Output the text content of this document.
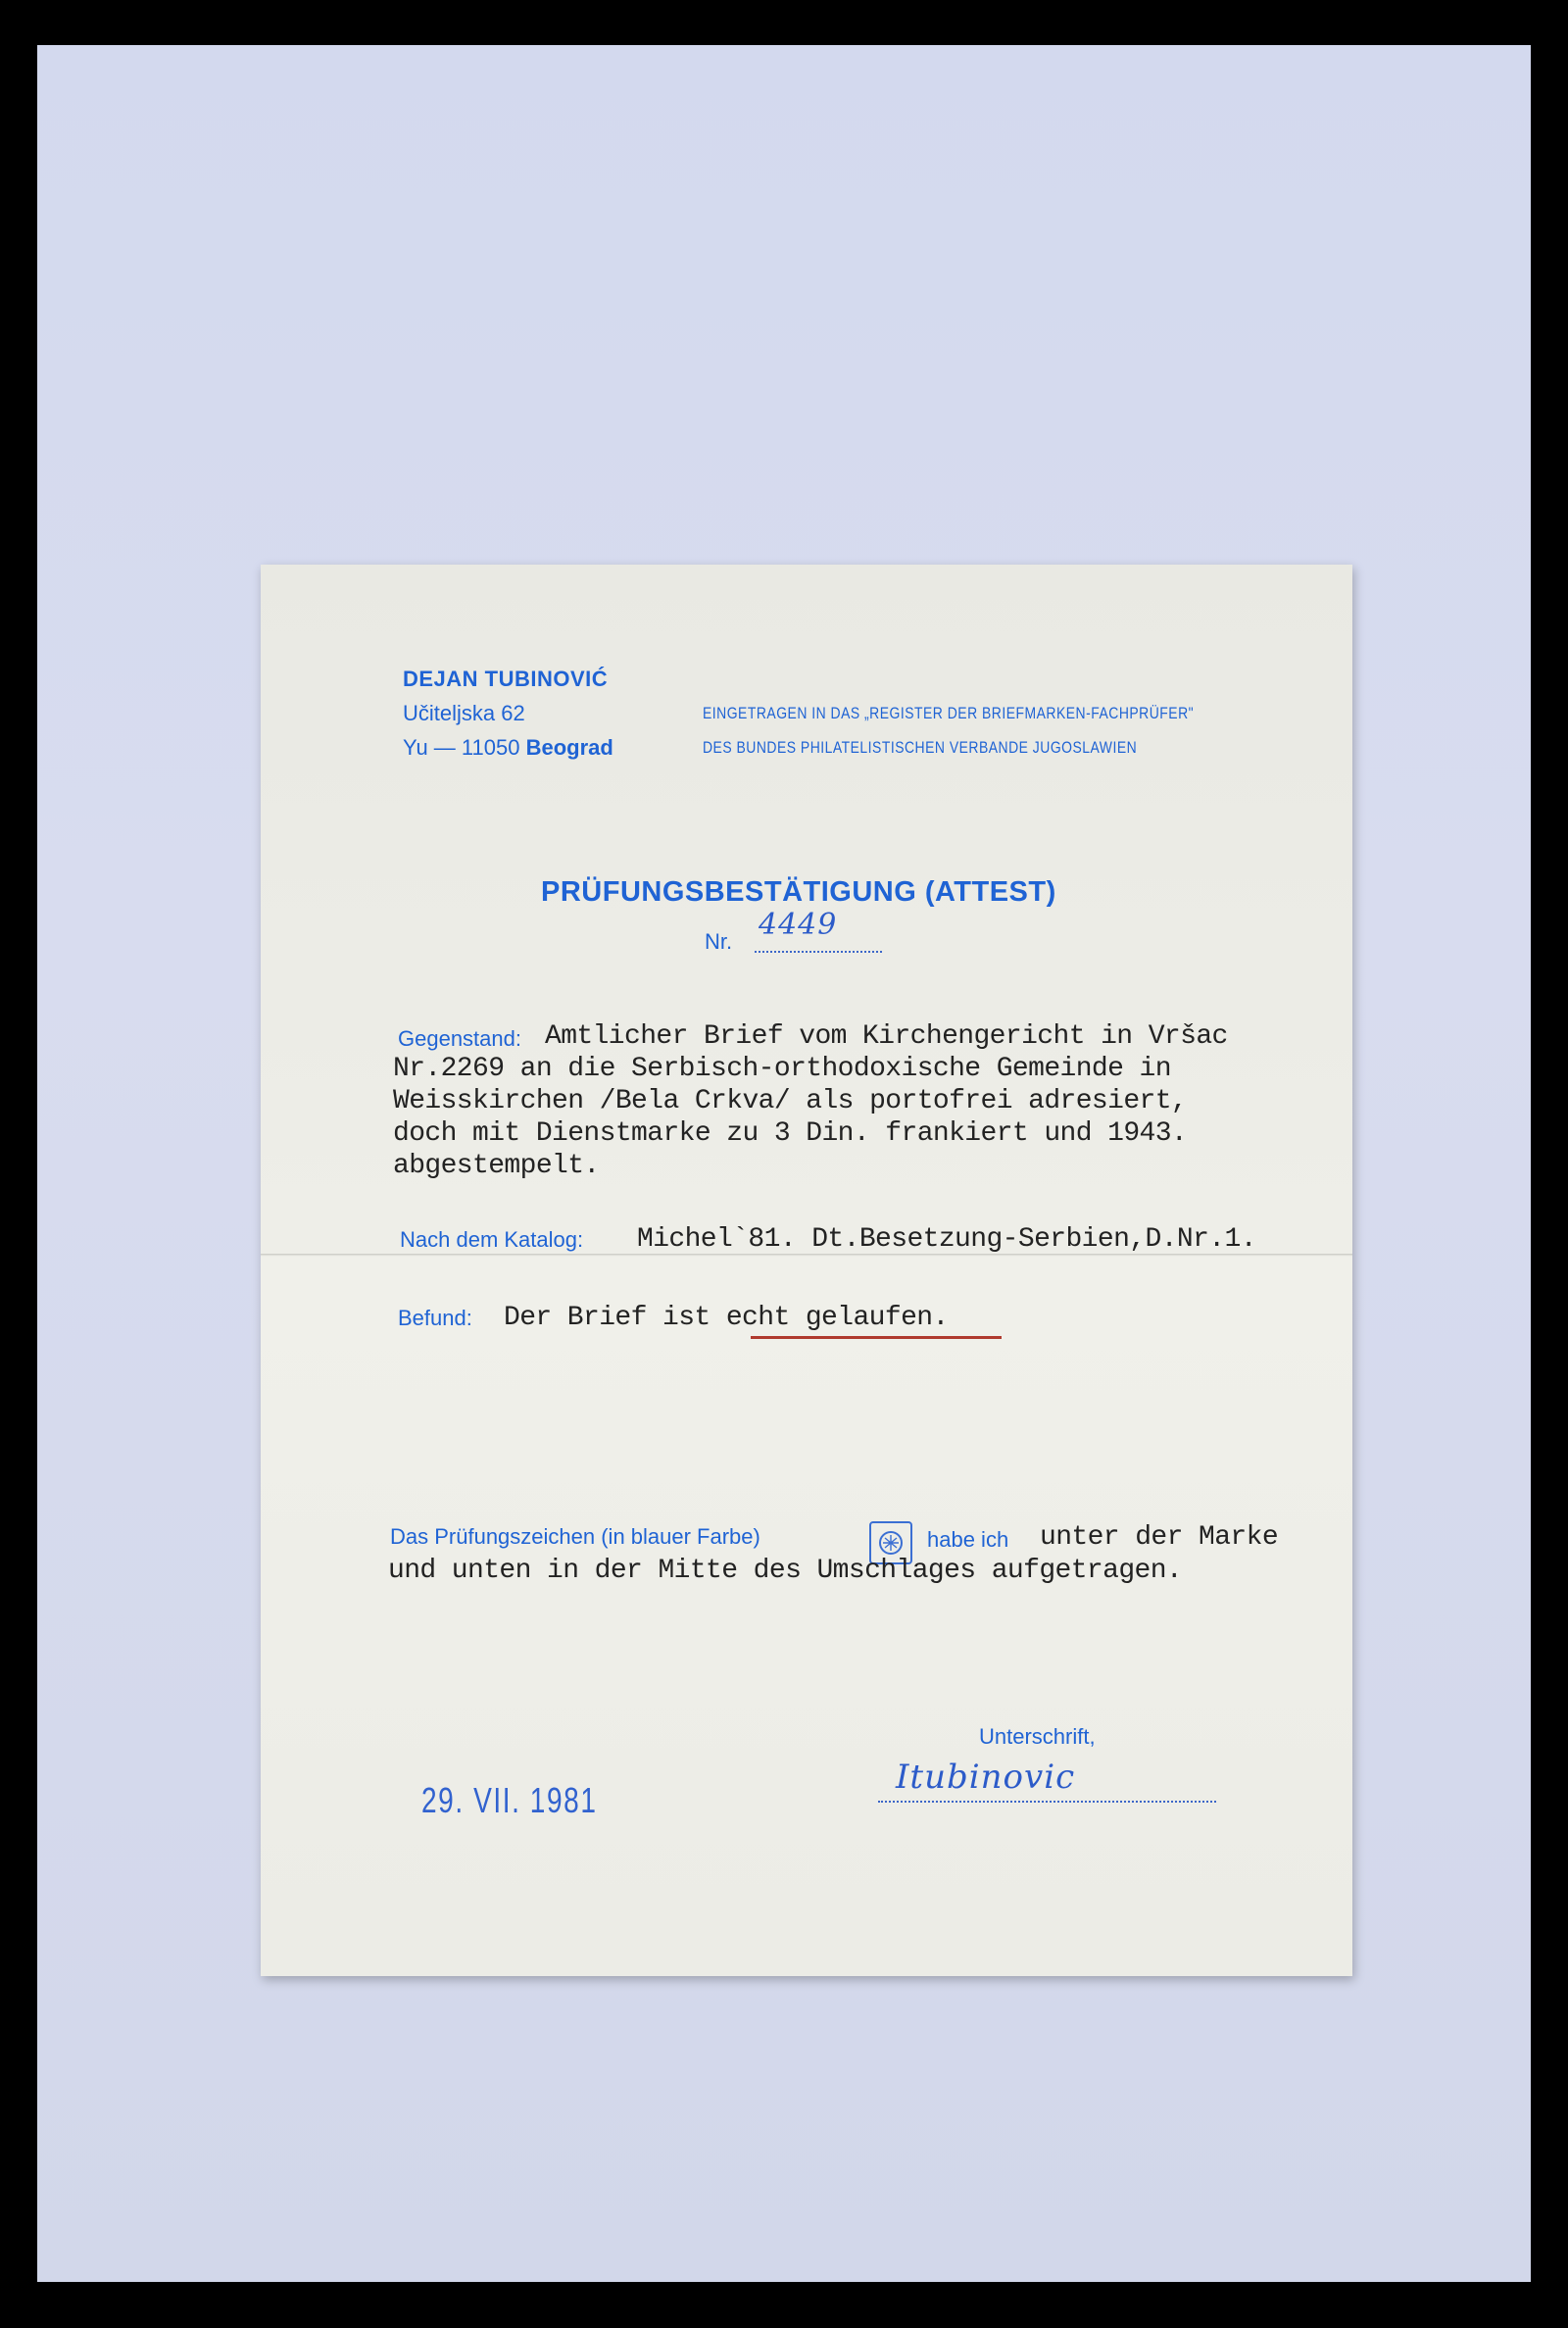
DEJAN TUBINOVIĆ
Učiteljska 62
Yu — 11050 Beograd
EINGETRAGEN IN DAS „REGISTER DER BRIEFMARKEN-FACHPRÜFER"
DES BUNDES PHILATELISTISCHEN VERBANDE JUGOSLAWIEN
PRÜFUNGSBESTÄTIGUNG (ATTEST)
Nr. 4449
Gegenstand: Amtlicher Brief vom Kirchengericht in Vršac
Nr.2269 an die Serbisch-orthodoxische Gemeinde in
Weisskirchen /Bela Crkva/ als portofrei adresiert,
doch mit Dienstmarke zu 3 Din. frankiert und 1943.
abgestempelt.
Nach dem Katalog: Michel`81. Dt.Besetzung-Serbien,D.Nr.1.
Befund: Der Brief ist echt gelaufen.
Das Prüfungszeichen (in blauer Farbe)	habe ich unter der Marke
und unten in der Mitte des Umschlages aufgetragen.
Unterschrift,
Itubinovic
29. VII. 1981
